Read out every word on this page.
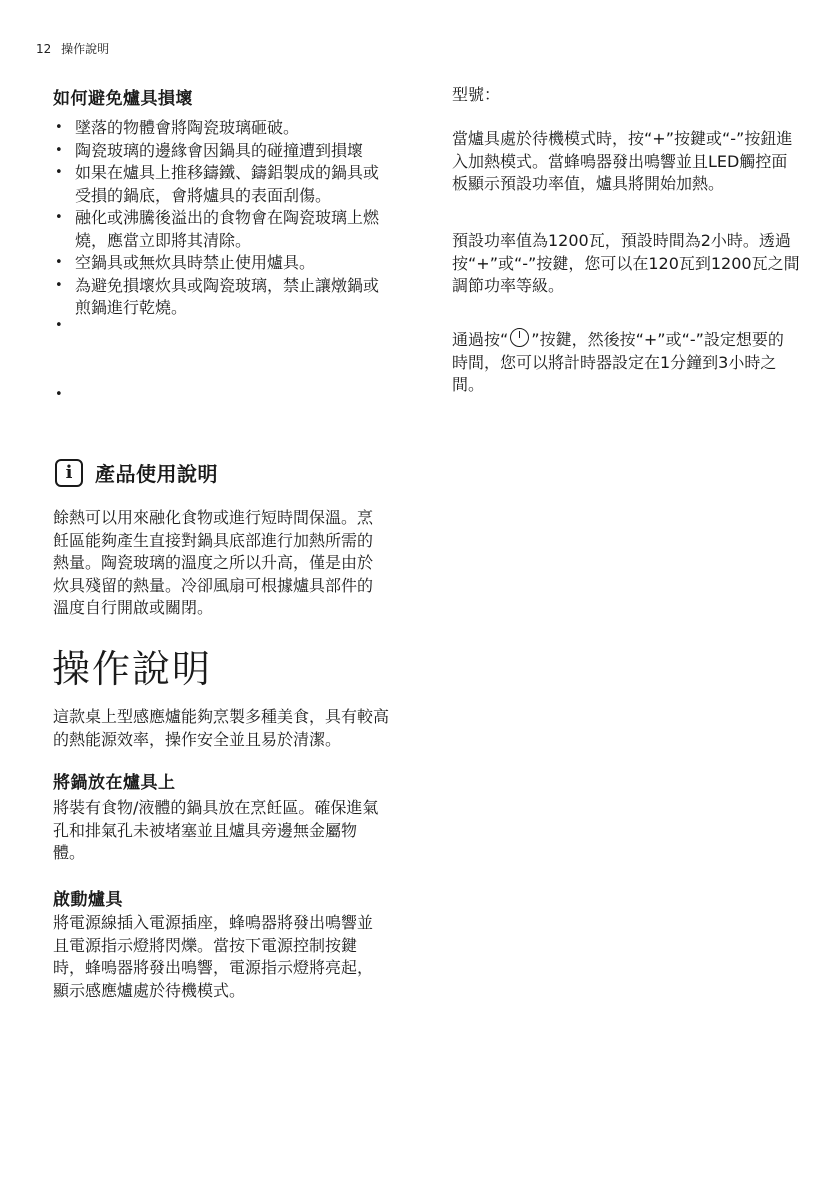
12 操作說明
如何避免爐具損壞
• 墜落的物體會將陶瓷玻璃砸破。
• 陶瓷玻璃的邊緣會因鍋具的碰撞遭到損壞
• 如果在爐具上推移鑄鐵、鑄鋁製成的鍋具或受損的鍋底，會將爐具的表面刮傷。
• 融化或沸騰後溢出的食物會在陶瓷玻璃上燃燒，應當立即將其清除。
• 空鍋具或無炊具時禁止使用爐具。
• 為避免損壞炊具或陶瓷玻璃，禁止讓燉鍋或煎鍋進行乾燒。
i 產品使用說明
餘熱可以用來融化食物或進行短時間保溫。烹飪區能夠產生直接對鍋具底部進行加熱所需的熱量。陶瓷玻璃的溫度之所以升高，僅是由於炊具殘留的熱量。冷卻風扇可根據爐具部件的溫度自行開啟或關閉。
操作說明
這款桌上型感應爐能夠烹製多種美食，具有較高的熱能源效率，操作安全並且易於清潔。
將鍋放在爐具上
將裝有食物/液體的鍋具放在烹飪區。確保進氣孔和排氣孔未被堵塞並且爐具旁邊無金屬物體。
啟動爐具
將電源線插入電源插座，蜂鳴器將發出鳴響並且電源指示燈將閃爍。當按下電源控制按鍵時，蜂鳴器將發出鳴響，電源指示燈將亮起，顯示感應爐處於待機模式。
型號：
當爐具處於待機模式時，按“+”按鍵或“-”按鈕進入加熱模式。當蜂鳴器發出鳴響並且LED觸控面板顯示預設功率值，爐具將開始加熱。
預設功率值為1200瓦，預設時間為2小時。透過按“+”或“-”按鍵，您可以在120瓦到1200瓦之間調節功率等級。
通過按“ ”按鍵，然後按“+”或“-”設定想要的時間，您可以將計時器設定在1分鐘到3小時之間。
